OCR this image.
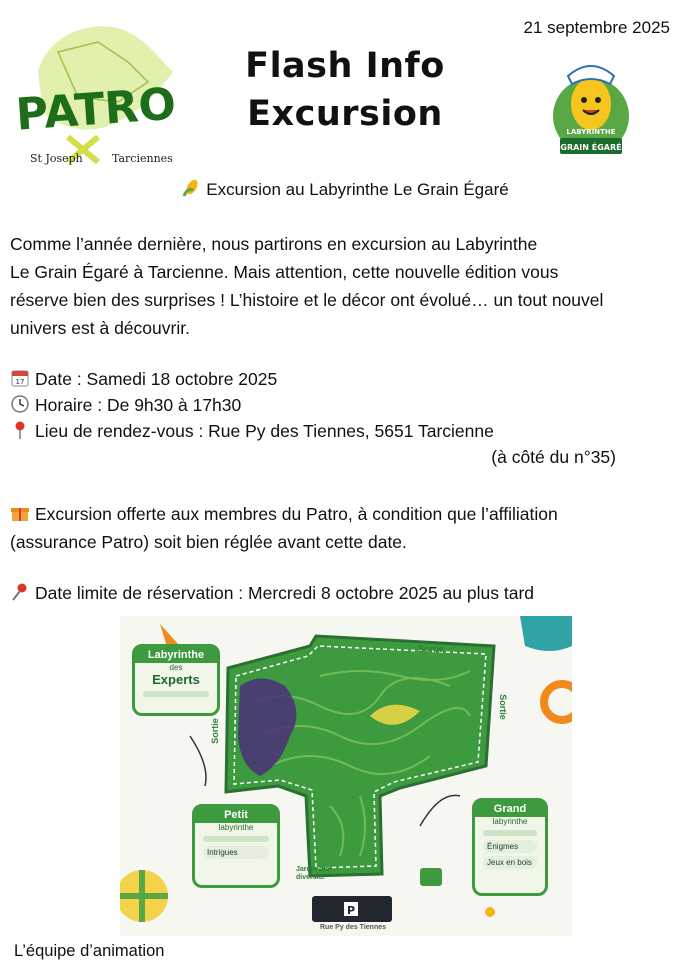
PATRO
St Joseph	Tarciennes
Flash Info
Excursion
21 septembre 2025
LABYRINTHE
GRAIN ÉGARÉ
Excursion au Labyrinthe Le Grain Égaré
Comme l’année dernière, nous partirons en excursion au Labyrinthe
Le Grain Égaré à Tarcienne. Mais attention, cette nouvelle édition vous
réserve bien des surprises ! L’histoire et le décor ont évolué… un tout nouvel
univers est à découvrir.
17 Date : Samedi 18 octobre 2025
Horaire : De 9h30 à 17h30
Lieu de rendez-vous : Rue Py des Tiennes, 5651 Tarcienne
(à côté du n°35)
Excursion offerte aux membres du Patro, à condition que l’affiliation
(assurance Patro) soit bien réglée avant cette date.
Date limite de réservation : Mercredi 8 octobre 2025 au plus tard
P
Sortie
Sortie
Sortie
Jardin bio-diversité
Rue Py des Tiennes
Labyrinthe
des
Experts
Petit
labyrinthe
Intrigues
Grand
labyrinthe
Énigmes
Jeux en bois
L’équipe d’animation
